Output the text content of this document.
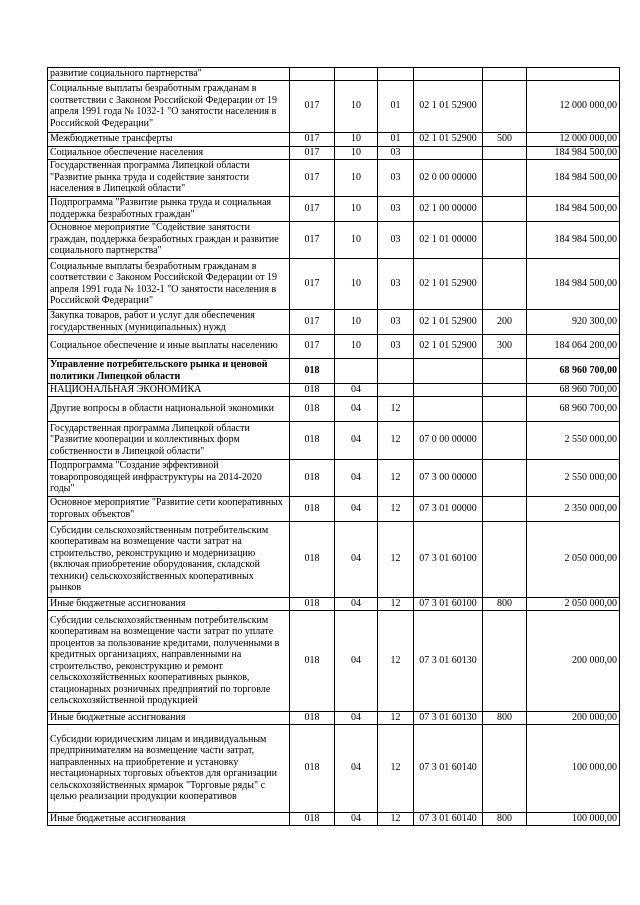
развитие социального партнерства"						
Социальные выплаты безработным гражданам в соответствии с Законом Российской Федерации от 19 апреля 1991 года № 1032-1 "О занятости населения в Российской Федерации"	017	10	01	02 1 01 52900		12 000 000,00
Межбюджетные трансферты	017	10	01	02 1 01 52900	500	12 000 000,00
Социальное обеспечение населения	017	10	03			184 984 500,00
Государственная программа Липецкой области "Развитие рынка труда и содействие занятости населения в Липецкой области"	017	10	03	02 0 00 00000		184 984 500,00
Подпрограмма "Развитие рынка труда и социальная поддержка безработных граждан"	017	10	03	02 1 00 00000		184 984 500,00
Основное мероприятие "Содействие занятости граждан, поддержка безработных граждан и развитие социального партнерства"	017	10	03	02 1 01 00000		184 984 500,00
Социальные выплаты безработным гражданам в соответствии с Законом Российской Федерации от 19 апреля 1991 года № 1032-1 "О занятости населения в Российской Федерации"	017	10	03	02 1 01 52900		184 984 500,00
Закупка товаров, работ и услуг для обеспечения государственных (муниципальных) нужд	017	10	03	02 1 01 52900	200	920 300,00
Социальное обеспечение и иные выплаты населению	017	10	03	02 1 01 52900	300	184 064 200,00
Управление потребительского рынка и ценовой политики Липецкой области	018					68 960 700,00
НАЦИОНАЛЬНАЯ ЭКОНОМИКА	018	04				68 960 700,00
Другие вопросы в области национальной экономики	018	04	12			68 960 700,00
Государственная программа Липецкой области "Развитие кооперации и коллективных форм собственности в Липецкой области"	018	04	12	07 0 00 00000		2 550 000,00
Подпрограмма "Создание эффективной товаропроводящей инфраструктуры на 2014-2020 годы"	018	04	12	07 3 00 00000		2 550 000,00
Основное мероприятие "Развитие сети кооперативных торговых объектов"	018	04	12	07 3 01 00000		2 350 000,00
Субсидии сельскохозяйственным потребительским кооперативам на возмещение части затрат на строительство, реконструкцию и модернизацию (включая приобретение оборудования, складской техники) сельскохозяйственных кооперативных рынков	018	04	12	07 3 01 60100		2 050 000,00
Иные бюджетные ассигнования	018	04	12	07 3 01 60100	800	2 050 000,00
Субсидии сельскохозяйственным потребительским кооперативам на возмещение части затрат по уплате процентов за пользование кредитами, полученными в кредитных организациях, направленными на строительство, реконструкцию и ремонт сельскохозяйственных кооперативных рынков, стационарных розничных предприятий по торговле сельскохозяйственной продукцией	018	04	12	07 3 01 60130		200 000,00
Иные бюджетные ассигнования	018	04	12	07 3 01 60130	800	200 000,00
Субсидии юридическим лицам и индивидуальным предпринимателям на возмещение части затрат, направленных на приобретение и установку нестационарных торговых объектов для организации сельскохозяйственных ярмарок "Торговые ряды" с целью реализации продукции кооперативов	018	04	12	07 3 01 60140		100 000,00
Иные бюджетные ассигнования	018	04	12	07 3 01 60140	800	100 000,00
